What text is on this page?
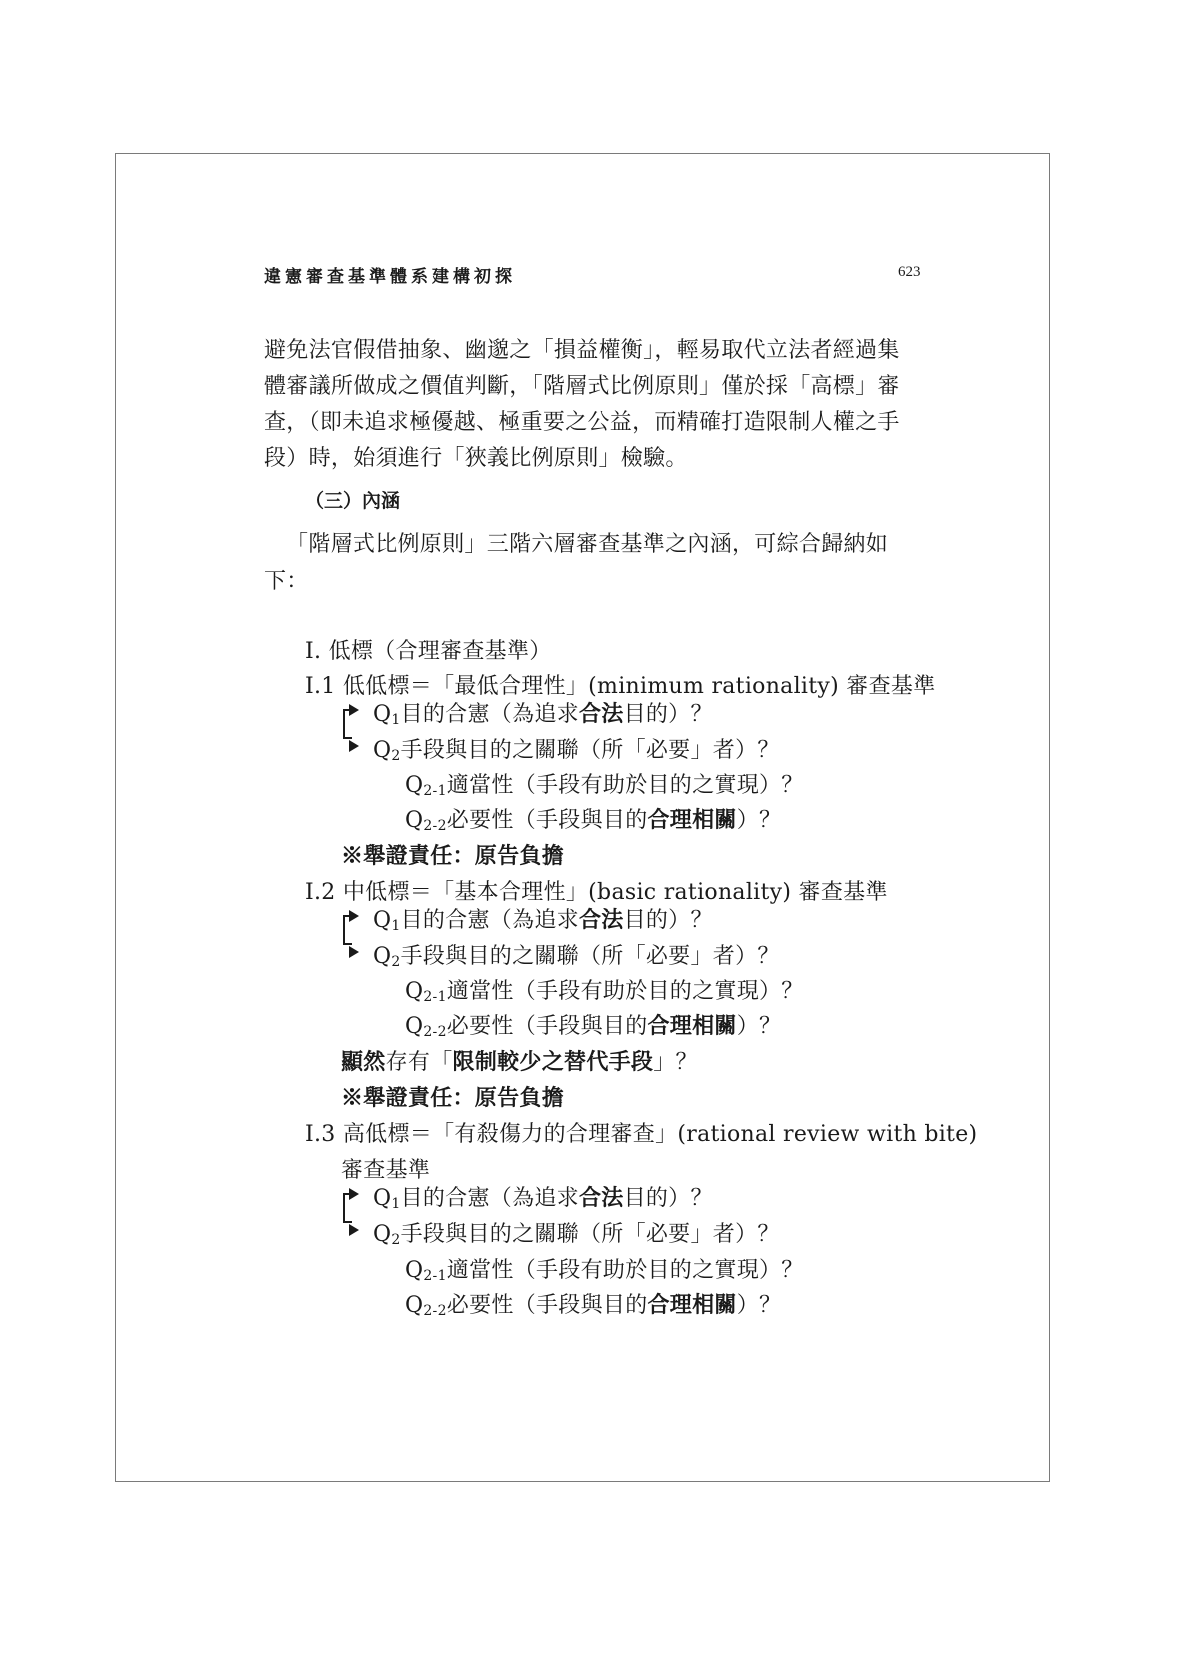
違憲審查基準體系建構初探	623
避免法官假借抽象、幽邈之「損益權衡」，輕易取代立法者經過集
體審議所做成之價值判斷，「階層式比例原則」僅於採「高標」審
查，（即未追求極優越、極重要之公益，而精確打造限制人權之手
段）時，始須進行「狹義比例原則」檢驗。
（三）內涵
「階層式比例原則」三階六層審查基準之內涵，可綜合歸納如
下：
I. 低標（合理審查基準）
I.1 低低標＝「最低合理性」(minimum rationality) 審查基準
$Q_1$目的合憲（為追求合法目的）？
$Q_2$手段與目的之關聯（所「必要」者）？
$Q_{2-1}$適當性（手段有助於目的之實現）？
$Q_{2-2}$必要性（手段與目的合理相關）？
※舉證責任：原告負擔
I.2 中低標＝「基本合理性」(basic rationality) 審查基準
$Q_1$目的合憲（為追求合法目的）？
$Q_2$手段與目的之關聯（所「必要」者）？
$Q_{2-1}$適當性（手段有助於目的之實現）？
$Q_{2-2}$必要性（手段與目的合理相關）？
顯然存有「限制較少之替代手段」？
※舉證責任：原告負擔
I.3 高低標＝「有殺傷力的合理審查」(rational review with bite)
審查基準
$Q_1$目的合憲（為追求合法目的）？
$Q_2$手段與目的之關聯（所「必要」者）？
$Q_{2-1}$適當性（手段有助於目的之實現）？
$Q_{2-2}$必要性（手段與目的合理相關）？
